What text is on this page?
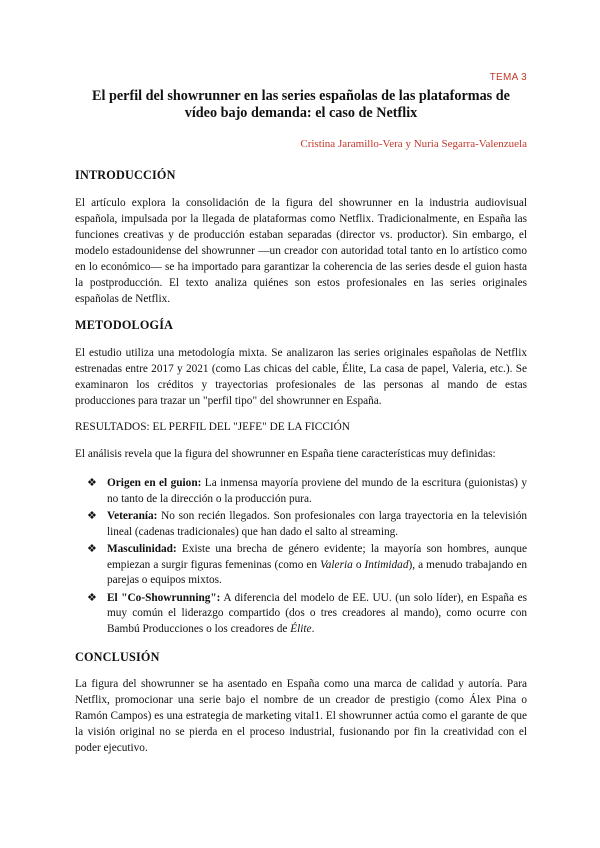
TEMA 3
El perfil del showrunner en las series españolas de las plataformas de vídeo bajo demanda: el caso de Netflix
Cristina Jaramillo-Vera y Nuria Segarra-Valenzuela
INTRODUCCIÓN

El artículo explora la consolidación de la figura del showrunner en la industria audiovisual española, impulsada por la llegada de plataformas como Netflix. Tradicionalmente, en España las funciones creativas y de producción estaban separadas (director vs. productor). Sin embargo, el modelo estadounidense del showrunner —un creador con autoridad total tanto en lo artístico como en lo económico— se ha importado para garantizar la coherencia de las series desde el guion hasta la postproducción. El texto analiza quiénes son estos profesionales en las series originales españolas de Netflix.

METODOLOGÍA

El estudio utiliza una metodología mixta. Se analizaron las series originales españolas de Netflix estrenadas entre 2017 y 2021 (como Las chicas del cable, Élite, La casa de papel, Valeria, etc.). Se examinaron los créditos y trayectorias profesionales de las personas al mando de estas producciones para trazar un "perfil tipo" del showrunner en España.

RESULTADOS: EL PERFIL DEL "JEFE" DE LA FICCIÓN

El análisis revela que la figura del showrunner en España tiene características muy definidas:

❖ Origen en el guion: La inmensa mayoría proviene del mundo de la escritura (guionistas) y no tanto de la dirección o la producción pura.
❖ Veteranía: No son recién llegados. Son profesionales con larga trayectoria en la televisión lineal (cadenas tradicionales) que han dado el salto al streaming.
❖ Masculinidad: Existe una brecha de género evidente; la mayoría son hombres, aunque empiezan a surgir figuras femeninas (como en Valeria o Intimidad), a menudo trabajando en parejas o equipos mixtos.
❖ El "Co-Showrunning": A diferencia del modelo de EE. UU. (un solo líder), en España es muy común el liderazgo compartido (dos o tres creadores al mando), como ocurre con Bambú Producciones o los creadores de Élite.
CONCLUSIÓN

La figura del showrunner se ha asentado en España como una marca de calidad y autoría. Para Netflix, promocionar una serie bajo el nombre de un creador de prestigio (como Álex Pina o Ramón Campos) es una estrategia de marketing vital1. El showrunner actúa como el garante de que la visión original no se pierda en el proceso industrial, fusionando por fin la creatividad con el poder ejecutivo.
